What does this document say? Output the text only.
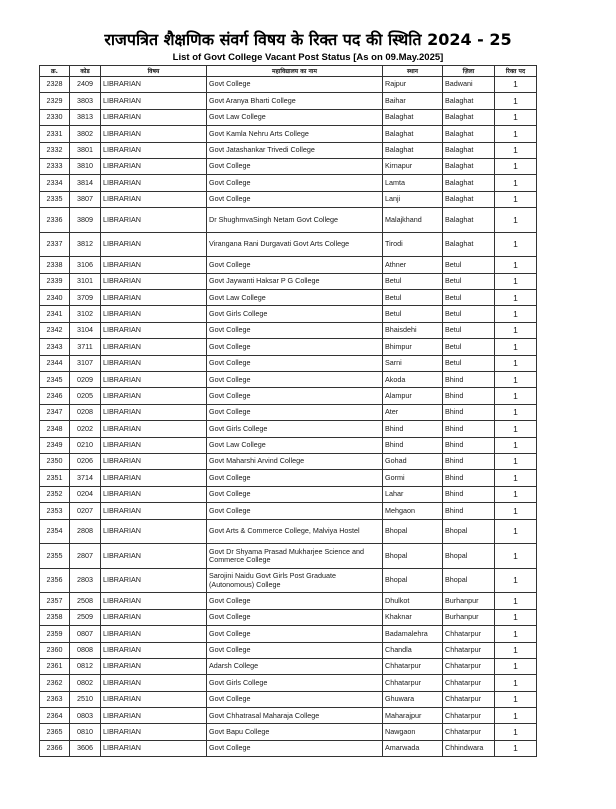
राजपत्रित शैक्षणिक संवर्ग विषय के रिक्त पद की स्थिति 2024 - 25
List of Govt College Vacant Post Status [As on 09.May.2025]
क्र.	कोड	विषय	महाविद्यालय का नाम	स्थान	ज़िला	रिक्त पद
2328	2409	LIBRARIAN	Govt College	Rajpur	Badwani	1
2329	3803	LIBRARIAN	Govt Aranya Bharti College	Baihar	Balaghat	1
2330	3813	LIBRARIAN	Govt Law College	Balaghat	Balaghat	1
2331	3802	LIBRARIAN	Govt Kamla Nehru Arts College	Balaghat	Balaghat	1
2332	3801	LIBRARIAN	Govt Jatashankar Trivedi College	Balaghat	Balaghat	1
2333	3810	LIBRARIAN	Govt College	Kirnapur	Balaghat	1
2334	3814	LIBRARIAN	Govt College	Lamta	Balaghat	1
2335	3807	LIBRARIAN	Govt College	Lanji	Balaghat	1
2336	3809	LIBRARIAN	Dr ShughmvaSingh Netam Govt College	Malajkhand	Balaghat	1
2337	3812	LIBRARIAN	Virangana Rani Durgavati Govt Arts College	Tirodi	Balaghat	1
2338	3106	LIBRARIAN	Govt College	Athner	Betul	1
2339	3101	LIBRARIAN	Govt Jaywanti Haksar P G College	Betul	Betul	1
2340	3709	LIBRARIAN	Govt Law College	Betul	Betul	1
2341	3102	LIBRARIAN	Govt Girls College	Betul	Betul	1
2342	3104	LIBRARIAN	Govt College	Bhaisdehi	Betul	1
2343	3711	LIBRARIAN	Govt College	Bhimpur	Betul	1
2344	3107	LIBRARIAN	Govt College	Sarni	Betul	1
2345	0209	LIBRARIAN	Govt College	Akoda	Bhind	1
2346	0205	LIBRARIAN	Govt College	Alampur	Bhind	1
2347	0208	LIBRARIAN	Govt College	Ater	Bhind	1
2348	0202	LIBRARIAN	Govt Girls College	Bhind	Bhind	1
2349	0210	LIBRARIAN	Govt Law College	Bhind	Bhind	1
2350	0206	LIBRARIAN	Govt Maharshi Arvind College	Gohad	Bhind	1
2351	3714	LIBRARIAN	Govt College	Gormi	Bhind	1
2352	0204	LIBRARIAN	Govt College	Lahar	Bhind	1
2353	0207	LIBRARIAN	Govt College	Mehgaon	Bhind	1
2354	2808	LIBRARIAN	Govt Arts & Commerce College, Malviya Hostel	Bhopal	Bhopal	1
2355	2807	LIBRARIAN	Govt Dr Shyama Prasad Mukharjee Science and Commerce College	Bhopal	Bhopal	1
2356	2803	LIBRARIAN	Sarojini Naidu Govt Girls Post Graduate (Autonomous) College	Bhopal	Bhopal	1
2357	2508	LIBRARIAN	Govt College	Dhulkot	Burhanpur	1
2358	2509	LIBRARIAN	Govt College	Khaknar	Burhanpur	1
2359	0807	LIBRARIAN	Govt College	Badamalehra	Chhatarpur	1
2360	0808	LIBRARIAN	Govt College	Chandla	Chhatarpur	1
2361	0812	LIBRARIAN	Adarsh College	Chhatarpur	Chhatarpur	1
2362	0802	LIBRARIAN	Govt Girls College	Chhatarpur	Chhatarpur	1
2363	2510	LIBRARIAN	Govt College	Ghuwara	Chhatarpur	1
2364	0803	LIBRARIAN	Govt Chhatrasal Maharaja College	Maharajpur	Chhatarpur	1
2365	0810	LIBRARIAN	Govt Bapu College	Nawgaon	Chhatarpur	1
2366	3606	LIBRARIAN	Govt College	Amarwada	Chhindwara	1
